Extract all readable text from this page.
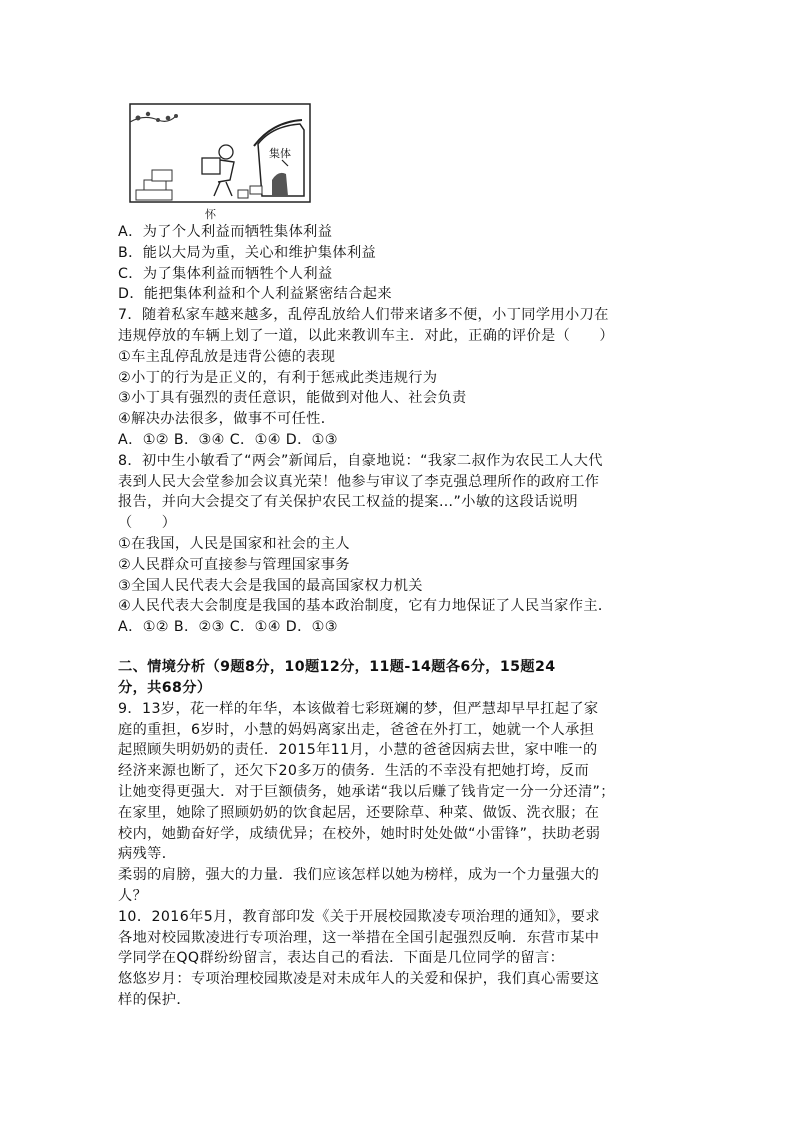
集体
怀
A．为了个人利益而牺牲集体利益
B．能以大局为重，关心和维护集体利益
C．为了集体利益而牺牲个人利益
D．能把集体利益和个人利益紧密结合起来
7．随着私家车越来越多，乱停乱放给人们带来诸多不便，小丁同学用小刀在
违规停放的车辆上划了一道，以此来教训车主．对此，正确的评价是（　　）
①车主乱停乱放是违背公德的表现
②小丁的行为是正义的，有利于惩戒此类违规行为
③小丁具有强烈的责任意识，能做到对他人、社会负责
④解决办法很多，做事不可任性．
A．①② B．③④ C．①④ D．①③
8．初中生小敏看了“两会”新闻后，自豪地说：“我家二叔作为农民工人大代
表到人民大会堂参加会议真光荣！他参与审议了李克强总理所作的政府工作
报告，并向大会提交了有关保护农民工权益的提案…”小敏的这段话说明
（　　）
①在我国，人民是国家和社会的主人
②人民群众可直接参与管理国家事务
③全国人民代表大会是我国的最高国家权力机关
④人民代表大会制度是我国的基本政治制度，它有力地保证了人民当家作主．
A．①② B．②③ C．①④ D．①③
二、情境分析（9题8分，10题12分，11题-14题各6分，15题24
分，共68分）
9．13岁，花一样的年华，本该做着七彩斑斓的梦，但严慧却早早扛起了家
庭的重担，6岁时，小慧的妈妈离家出走，爸爸在外打工，她就一个人承担
起照顾失明奶奶的责任．2015年11月，小慧的爸爸因病去世，家中唯一的
经济来源也断了，还欠下20多万的债务．生活的不幸没有把她打垮，反而
让她变得更强大．对于巨额债务，她承诺“我以后赚了钱肯定一分一分还清”；
在家里，她除了照顾奶奶的饮食起居，还要除草、种菜、做饭、洗衣服；在
校内，她勤奋好学，成绩优异；在校外，她时时处处做“小雷锋”，扶助老弱
病残等．
柔弱的肩膀，强大的力量．我们应该怎样以她为榜样，成为一个力量强大的
人？
10．2016年5月，教育部印发《关于开展校园欺凌专项治理的通知》，要求
各地对校园欺凌进行专项治理，这一举措在全国引起强烈反响．东营市某中
学同学在QQ群纷纷留言，表达自己的看法．下面是几位同学的留言：
悠悠岁月：专项治理校园欺凌是对未成年人的关爱和保护，我们真心需要这
样的保护．
